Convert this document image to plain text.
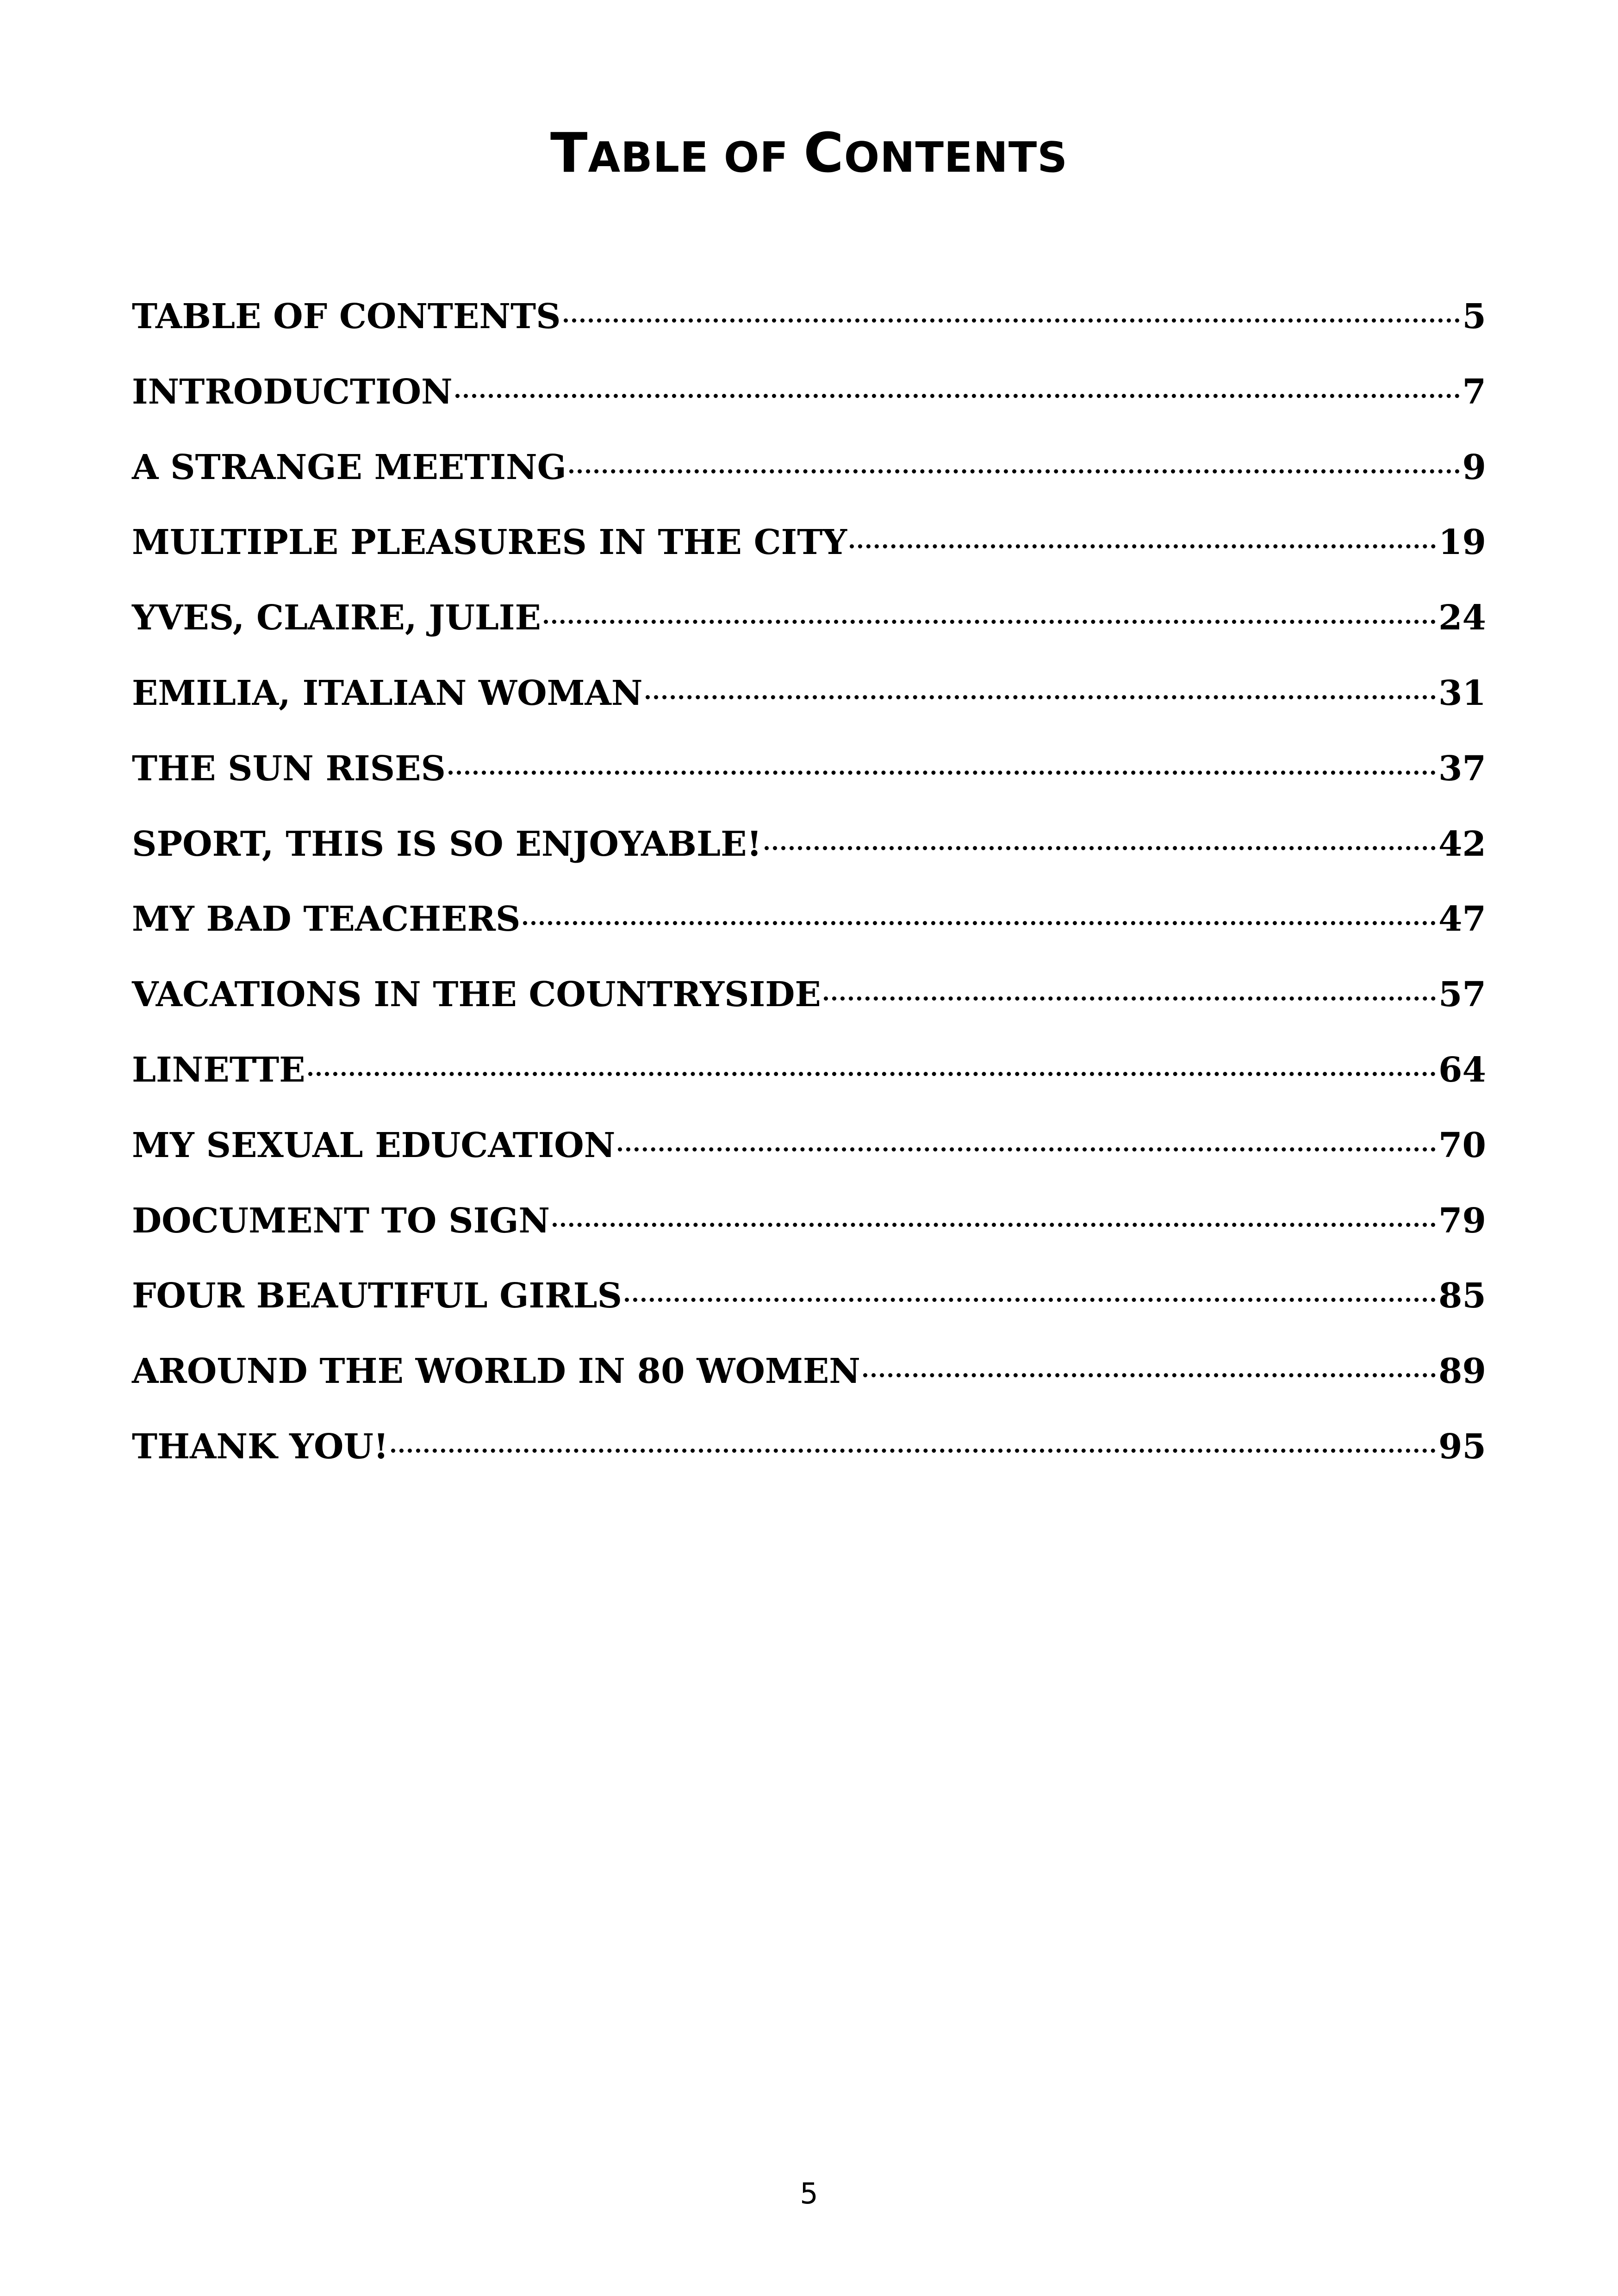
TABLE OF CONTENTS
TABLE OF CONTENTS	5
INTRODUCTION	7
A STRANGE MEETING	9
MULTIPLE PLEASURES IN THE CITY	19
YVES, CLAIRE, JULIE	24
EMILIA, ITALIAN WOMAN	31
THE SUN RISES	37
SPORT, THIS IS SO ENJOYABLE!	42
MY BAD TEACHERS	47
VACATIONS IN THE COUNTRYSIDE	57
LINETTE	64
MY SEXUAL EDUCATION	70
DOCUMENT TO SIGN	79
FOUR BEAUTIFUL GIRLS	85
AROUND THE WORLD IN 80 WOMEN	89
THANK YOU!	95
5
